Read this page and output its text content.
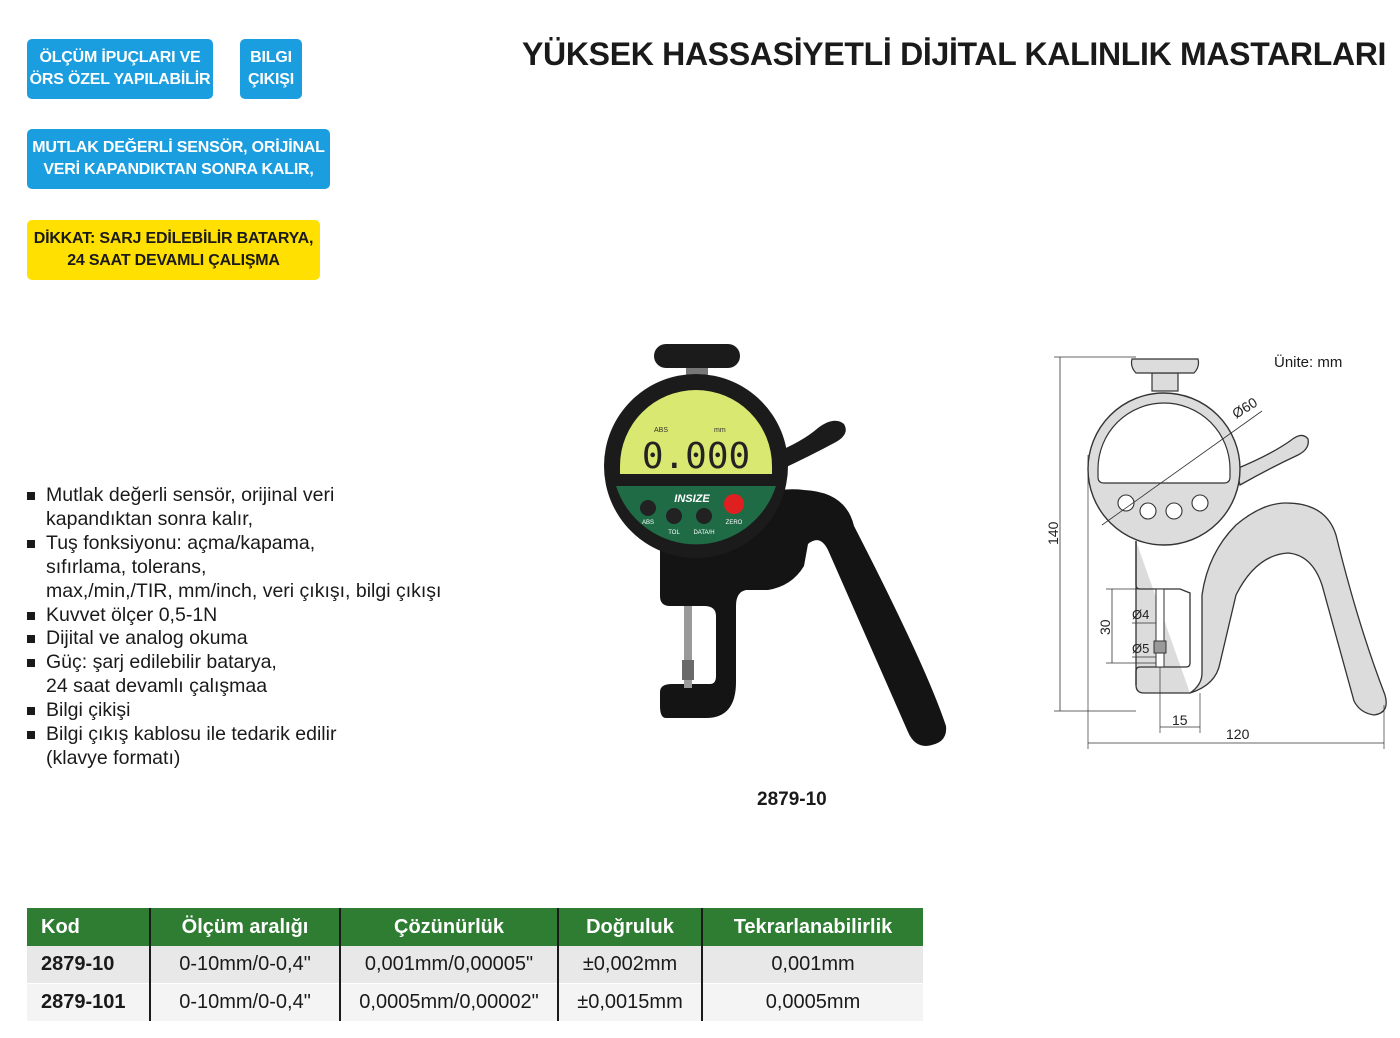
ÖLÇÜM İPUÇLARI VE
ÖRS ÖZEL YAPILABİLİR
BILGI
ÇIKIŞI
MUTLAK DEĞERLİ SENSÖR, ORİJİNAL
VERİ KAPANDIKTAN SONRA KALIR,
DİKKAT: SARJ EDİLEBİLİR BATARYA,
24 SAAT DEVAMLI ÇALIŞMA
YÜKSEK HASSASİYETLİ DİJİTAL KALINLIK MASTARLARI
Mutlak değerli sensör, orijinal veri
kapandıktan sonra kalır,
Tuş fonksiyonu: açma/kapama,
sıfırlama, tolerans,
max,/min,/TIR, mm/inch, veri çıkışı, bilgi çıkışı
Kuvvet ölçer 0,5-1N
Dijital ve analog okuma
Güç: şarj edilebilir batarya,
24 saat devamlı çalışmaa
Bilgi çikişi
Bilgi çıkış kablosu ile tedarik edilir
(klavye formatı)
ABS	mm
0.000
INSIZE
ABS
TOL DATA/H
ZERO
2879-10
Ø60
140
30
Ø4
Ø5
15
120
Ünite: mm
Kod	Ölçüm aralığı	Çözünürlük	Doğruluk	Tekrarlanabilirlik
2879-10	0-10mm/0-0,4"	0,001mm/0,00005"	±0,002mm	0,001mm
2879-101	0-10mm/0-0,4"	0,0005mm/0,00002"	±0,0015mm	0,0005mm
